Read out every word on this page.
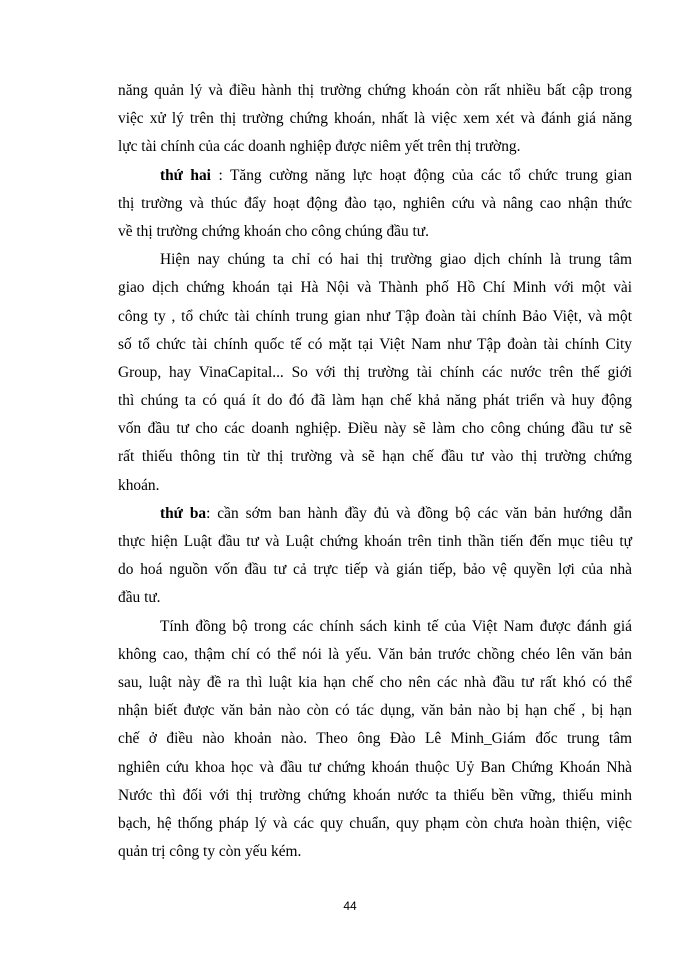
năng quản lý và điều hành thị trường chứng khoán còn rất nhiều bất cập trong
việc xử lý trên thị trường chứng khoán, nhất là việc xem xét và đánh giá năng
lực tài chính của các doanh nghiệp được niêm yết trên thị trường.
thứ hai : Tăng cường năng lực hoạt động của các tổ chức trung gian
thị trường và thúc đẩy hoạt động đào tạo, nghiên cứu và nâng cao nhận thức
về thị trường chứng khoán cho công chúng đầu tư.
Hiện nay chúng ta chỉ có hai thị trường giao dịch chính là trung tâm
giao dịch chứng khoán tại Hà Nội và Thành phố Hồ Chí Minh với một vài
công ty , tổ chức tài chính trung gian như Tập đoàn tài chính Bảo Việt, và một
số tổ chức tài chính quốc tế có mặt tại Việt Nam như Tập đoàn tài chính City
Group, hay VinaCapital... So với thị trường tài chính các nước trên thế giới
thì chúng ta có quá ít do đó đã làm hạn chế khả năng phát triển và huy động
vốn đầu tư cho các doanh nghiệp. Điều này sẽ làm cho công chúng đầu tư sẽ
rất thiếu thông tin từ thị trường và sẽ hạn chế đầu tư vào thị trường chứng
khoán.
thứ ba: cần sớm ban hành đầy đủ và đồng bộ các văn bản hướng dẫn
thực hiện Luật đầu tư và Luật chứng khoán trên tinh thần tiến đến mục tiêu tự
do hoá nguồn vốn đầu tư cả trực tiếp và gián tiếp, bảo vệ quyền lợi của nhà
đầu tư.
Tính đồng bộ trong các chính sách kinh tế của Việt Nam được đánh giá
không cao, thậm chí có thể nói là yếu. Văn bản trước chồng chéo lên văn bản
sau, luật này đề ra thì luật kia hạn chế cho nên các nhà đầu tư rất khó có thể
nhận biết được văn bản nào còn có tác dụng, văn bản nào bị hạn chế , bị hạn
chế ở điều nào khoản nào. Theo ông Đào Lê Minh_Giám đốc trung tâm
nghiên cứu khoa học và đầu tư chứng khoán thuộc Uỷ Ban Chứng Khoán Nhà
Nước thì đối với thị trường chứng khoán nước ta thiếu bền vững, thiếu minh
bạch, hệ thống pháp lý và các quy chuẩn, quy phạm còn chưa hoàn thiện, việc
quản trị công ty còn yếu kém.
44
